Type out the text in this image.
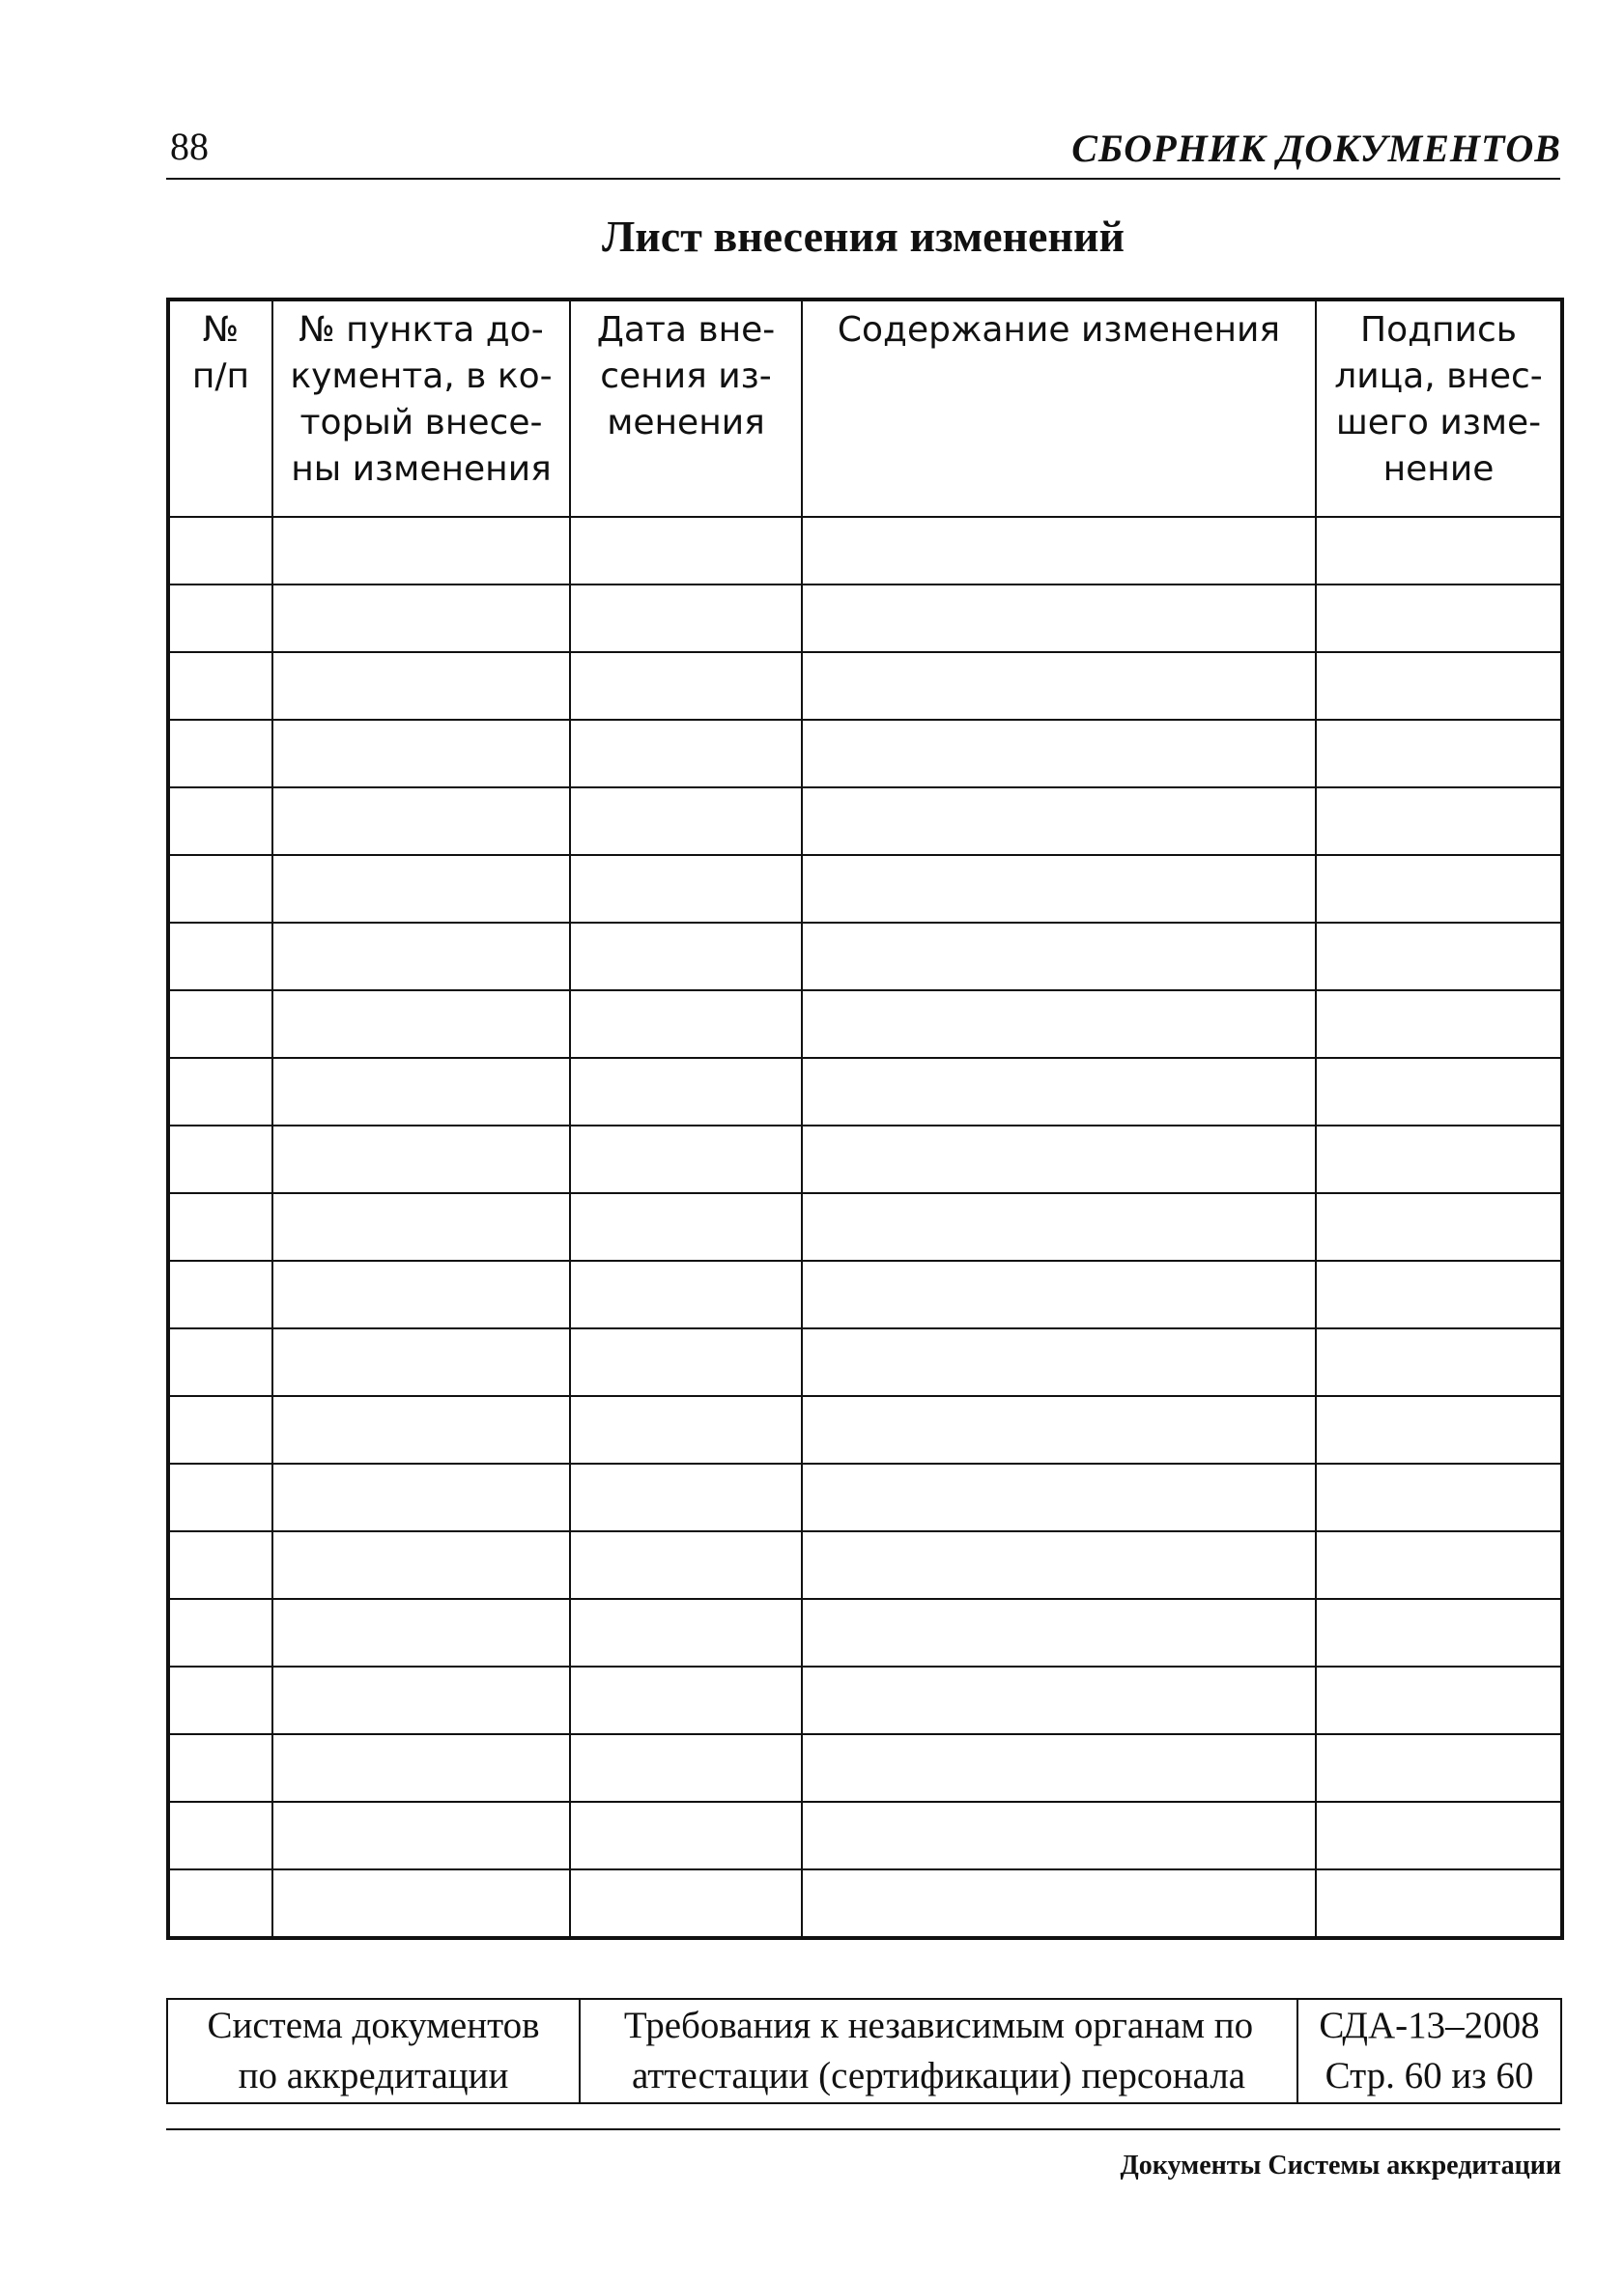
88	СБОРНИК ДОКУМЕНТОВ
Лист внесения изменений
№
п/п	№ пункта до-
кумента, в ко-
торый внесе-
ны изменения	Дата вне-
сения из-
менения	Содержание изменения	Подпись
лица, внес-
шего изме-
нение

Система документов
по аккредитации

Требования к независимым органам по
аттестации (сертификации) персонала

СДА-13–2008
Стр. 60 из 60
Документы Системы аккредитации
